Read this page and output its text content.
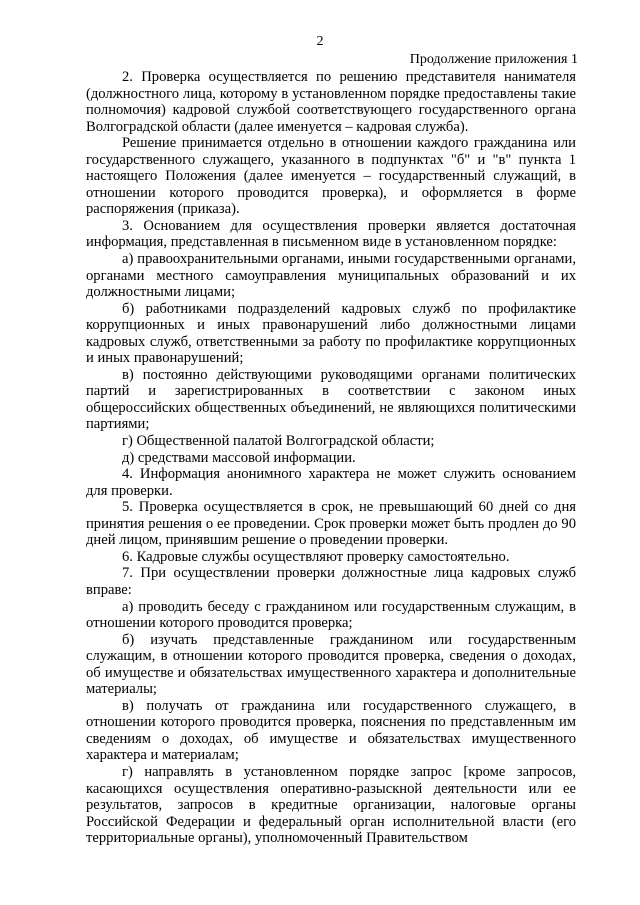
2
Продолжение приложения 1

2. Проверка осуществляется по решению представителя нанимателя (должностного лица, которому в установленном порядке предоставлены такие полномочия) кадровой службой соответствующего государственного органа Волгоградской области (далее именуется – кадровая служба).

Решение принимается отдельно в отношении каждого гражданина или государственного служащего, указанного в подпунктах "б" и "в" пункта 1 настоящего Положения (далее именуется – государственный служащий, в отношении которого проводится проверка), и оформляется в форме распоряжения (приказа).

3. Основанием для осуществления проверки является достаточная информация, представленная в письменном виде в установленном порядке:

а) правоохранительными органами, иными государственными органами, органами местного самоуправления муниципальных образований и их должностными лицами;

б) работниками подразделений кадровых служб по профилактике коррупционных и иных правонарушений либо должностными лицами кадровых служб, ответственными за работу по профилактике коррупционных и иных правонарушений;

в) постоянно действующими руководящими органами политических партий и зарегистрированных в соответствии с законом иных общероссийских общественных объединений, не являющихся политическими партиями;

г) Общественной палатой Волгоградской области;

д) средствами массовой информации.

4. Информация анонимного характера не может служить основанием для проверки.

5. Проверка осуществляется в срок, не превышающий 60 дней со дня принятия решения о ее проведении. Срок проверки может быть продлен до 90 дней лицом, принявшим решение о проведении проверки.

6. Кадровые службы осуществляют проверку самостоятельно.

7. При осуществлении проверки должностные лица кадровых служб вправе:

а) проводить беседу с гражданином или государственным служащим, в отношении которого проводится проверка;

б) изучать представленные гражданином или государственным служащим, в отношении которого проводится проверка, сведения о доходах, об имуществе и обязательствах имущественного характера и дополнительные материалы;

в) получать от гражданина или государственного служащего, в отношении которого проводится проверка, пояснения по представленным им сведениям о доходах, об имуществе и обязательствах имущественного характера и материалам;

г) направлять в установленном порядке запрос [кроме запросов, касающихся осуществления оперативно-разыскной деятельности или ее результатов, запросов в кредитные организации, налоговые органы Российской Федерации и федеральный орган исполнительной власти (его территориальные органы), уполномоченный Правительством
